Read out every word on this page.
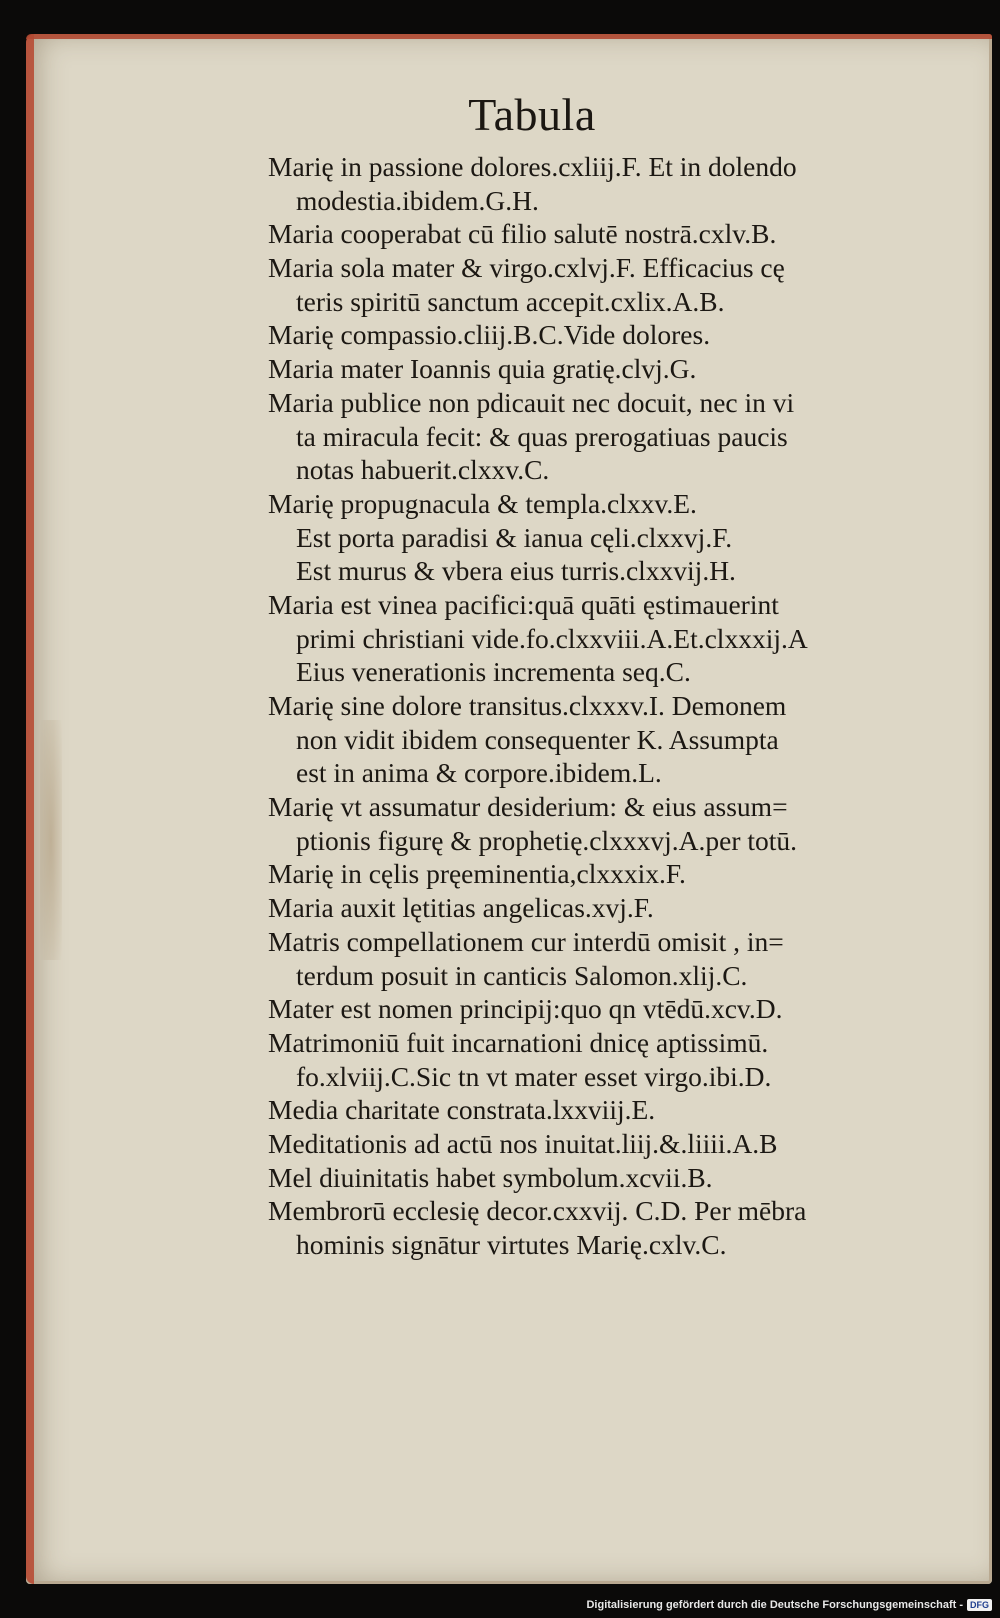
Tabula
Marię in passione dolores.cxliij.F. Et in dolendo
modestia.ibidem.G.H.
Maria cooperabat cū filio salutē nostrā.cxlv.B.
Maria sola mater & virgo.cxlvj.F. Efficacius cę
teris spiritū sanctum accepit.cxlix.A.B.
Marię compassio.cliij.B.C.Vide dolores.
Maria mater Ioannis quia gratię.clvj.G.
Maria publice non pdicauit nec docuit, nec in vi
ta miracula fecit: & quas prerogatiuas paucis
notas habuerit.clxxv.C.
Marię propugnacula & templa.clxxv.E.
Est porta paradisi & ianua cęli.clxxvj.F.
Est murus & vbera eius turris.clxxvij.H.
Maria est vinea pacifici:quā quāti ęstimauerint
primi christiani vide.fo.clxxviii.A.Et.clxxxij.A
Eius venerationis incrementa seq.C.
Marię sine dolore transitus.clxxxv.I. Demonem
non vidit ibidem consequenter K. Assumpta
est in anima & corpore.ibidem.L.
Marię vt assumatur desiderium: & eius assum=
ptionis figurę & prophetię.clxxxvj.A.per totū.
Marię in cęlis pręeminentia,clxxxix.F.
Maria auxit lętitias angelicas.xvj.F.
Matris compellationem cur interdū omisit , in=
terdum posuit in canticis Salomon.xlij.C.
Mater est nomen principij:quo qn vtēdū.xcv.D.
Matrimoniū fuit incarnationi dnicę aptissimū.
fo.xlviij.C.Sic tn vt mater esset virgo.ibi.D.
Media charitate constrata.lxxviij.E.
Meditationis ad actū nos inuitat.liij.&.liiii.A.B
Mel diuinitatis habet symbolum.xcvii.B.
Membrorū ecclesię decor.cxxvij. C.D. Per mēbra
hominis signātur virtutes Marię.cxlv.C.
Digitalisierung gefördert durch die Deutsche Forschungsgemeinschaft - DFG
